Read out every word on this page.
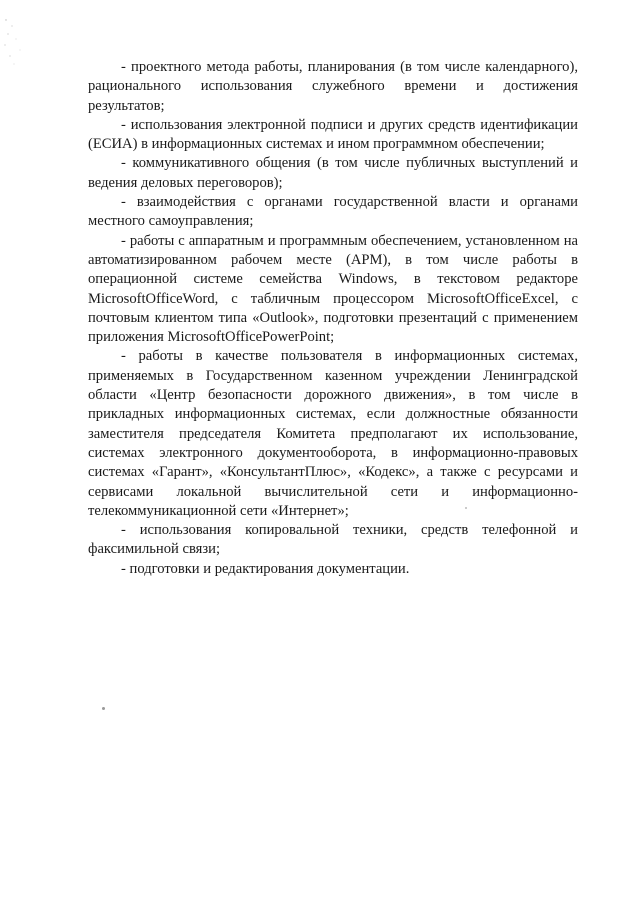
- проектного метода работы, планирования (в том числе календарного), рационального использования служебного времени и достижения результатов;

- использования электронной подписи и других средств идентификации (ЕСИА) в информационных системах и ином программном обеспечении;

- коммуникативного общения (в том числе публичных выступлений и ведения деловых переговоров);

- взаимодействия с органами государственной власти и органами местного самоуправления;

- работы с аппаратным и программным обеспечением, установленном на автоматизированном рабочем месте (АРМ), в том числе работы в операционной системе семейства Windows, в текстовом редакторе MicrosoftOfficeWord, с табличным процессором MicrosoftOfficeExcel, с почтовым клиентом типа «Outlook», подготовки презентаций с применением приложения MicrosoftOfficePowerPoint;

- работы в качестве пользователя в информационных системах, применяемых в Государственном казенном учреждении Ленинградской области «Центр безопасности дорожного движения», в том числе в прикладных информационных системах, если должностные обязанности заместителя председателя Комитета предполагают их использование, системах электронного документооборота, в информационно-правовых системах «Гарант», «КонсультантПлюс», «Кодекс», а также с ресурсами и сервисами локальной вычислительной сети и информационно-телекоммуникационной сети «Интернет»;

- использования копировальной техники, средств телефонной и факсимильной связи;

- подготовки и редактирования документации.
